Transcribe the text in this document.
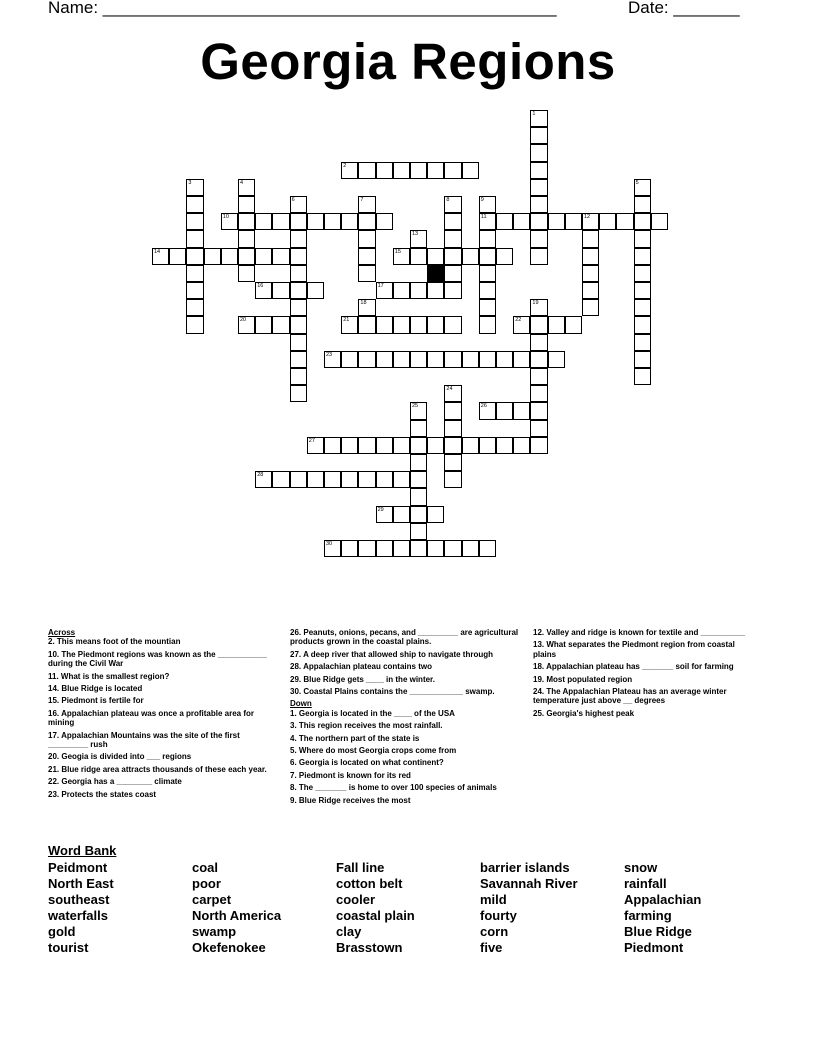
Name: ________________________________________________	Date: _______
Georgia Regions
1
2
3	4	5
6	7	8	9
11
10	12
13
14	15
16	17
18	19
20	21	22
23
24
25	26
27
28
29
30
Across
2. This means foot of the mountian
10. The Piedmont regions was known as the ___________ during the Civil War
11. What is the smallest region?
14. Blue Ridge is located
15. Piedmont is fertile for
16. Appalachian plateau was once a profitable area for mining
17. Appalachian Mountains was the site of the first _________ rush
20. Geogia is divided into ___ regions
21. Blue ridge area attracts thousands of these each year.
22. Georgia has a ________ climate
23. Protects the states coast
26. Peanuts, onions, pecans, and _________ are agricultural products grown in the coastal plains.
27. A deep river that allowed ship to navigate through
28. Appalachian plateau contains two
29. Blue Ridge gets ____ in the winter.
30. Coastal Plains contains the ____________ swamp.
Down
1. Georgia is located in the ____ of the USA
3. This region receives the most rainfall.
4. The northern part of the state is
5. Where do most Georgia crops come from
6. Georgia is located on what continent?
7. Piedmont is known for its red
8. The _______ is home to over 100 species of animals
9. Blue Ridge receives the most
12. Valley and ridge is known for textile and __________
13. What separates the Piedmont region from coastal plains
18. Appalachian plateau has _______ soil for farming
19. Most populated region
24. The Appalachian Plateau has an average winter temperature just above __ degrees
25. Georgia's highest peak
Word Bank
Peidmont
North East
southeast
waterfalls
gold
tourist
coal
poor
carpet
North America
swamp
Okefenokee
Fall line
cotton belt
cooler
coastal plain
clay
Brasstown
barrier islands
Savannah River
mild
fourty
corn
five
snow
rainfall
Appalachian
farming
Blue Ridge
Piedmont
